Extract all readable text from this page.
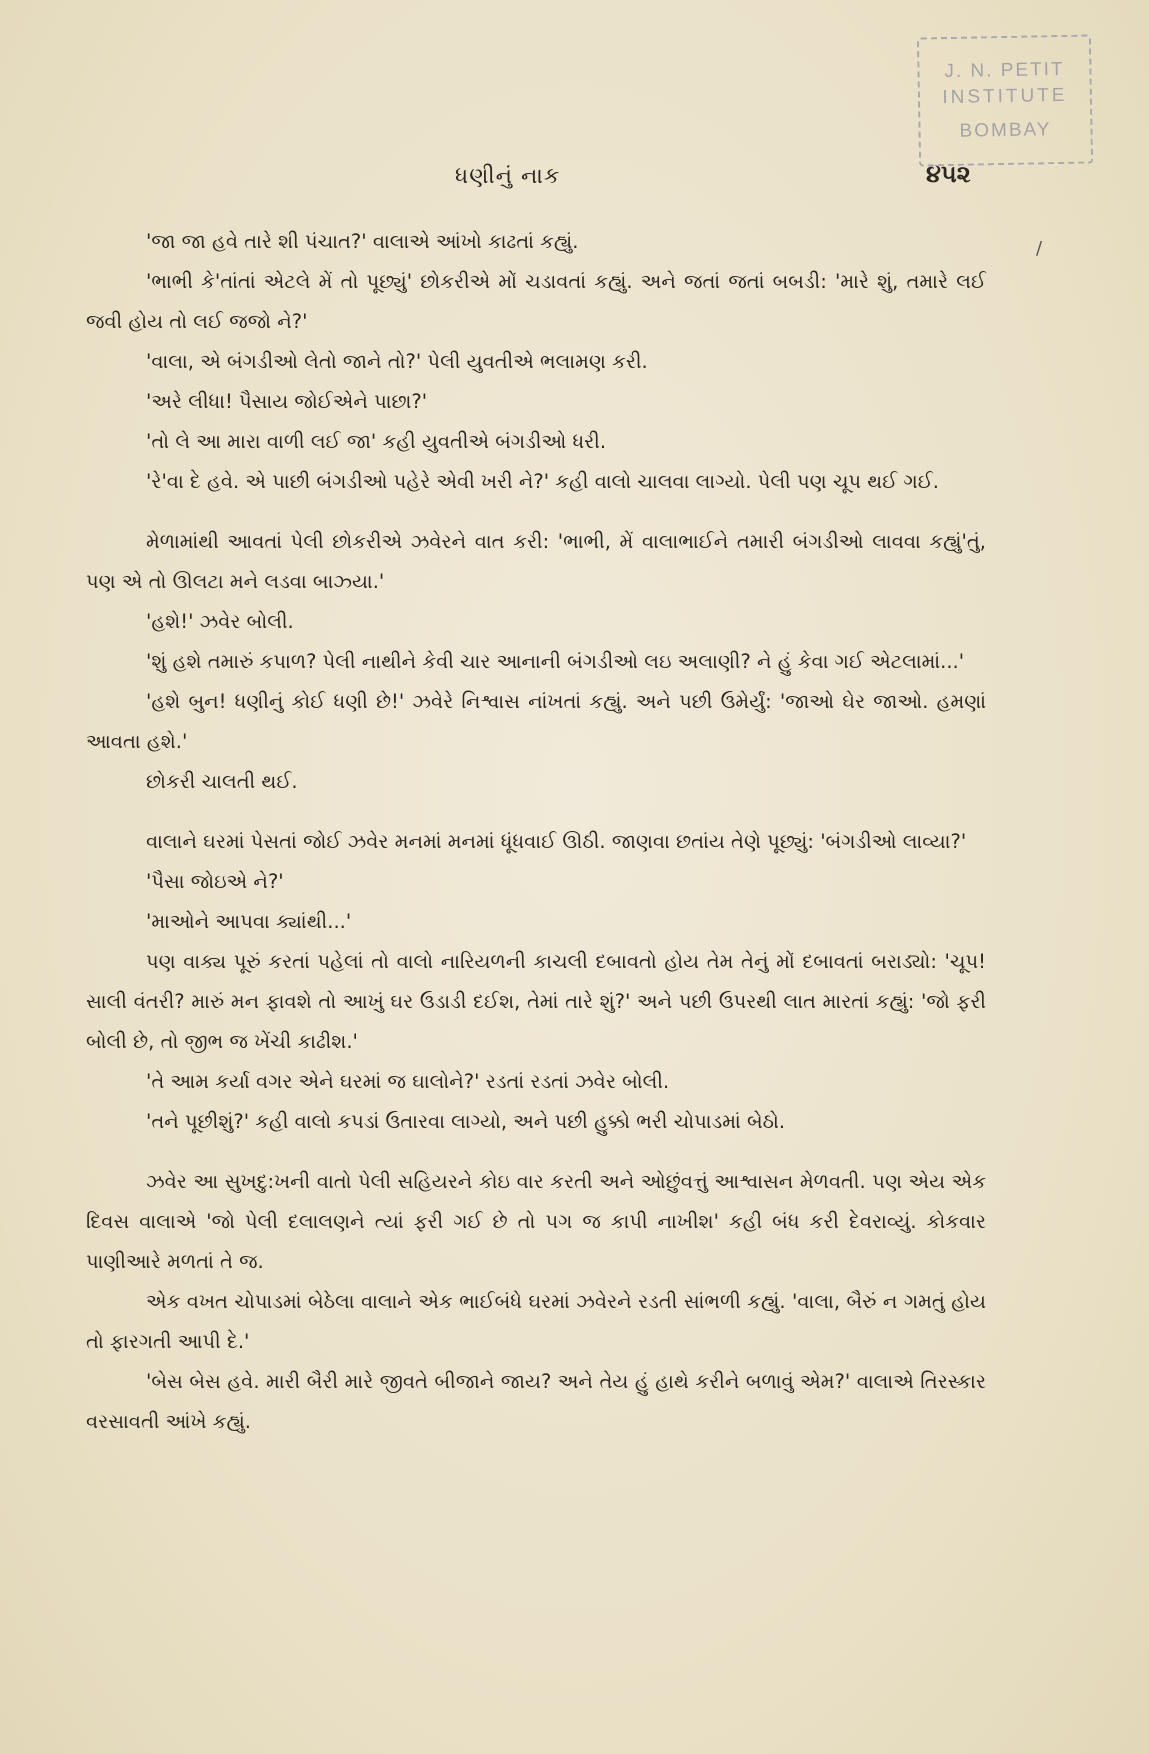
J. N. PETIT
INSTITUTE
BOMBAY
ધણીનું નાક	૪૫૨
/

'જા જા હવે તારે શી પંચાત?' વાલાએ આંખો કાઢતાં કહ્યું.

'ભાભી કે'તાંતાં એટલે મેં તો પૂછ્યું' છોકરીએ મોં ચડાવતાં કહ્યું. અને જતાં જતાં બબડી: 'મારે શું, તમારે લઈ જવી હોય તો લઈ જજો ને?'

'વાલા, એ બંગડીઓ લેતો જાને તો?' પેલી યુવતીએ ભલામણ કરી.

'અરે લીધા! પૈસાય જોઈએને પાછા?'

'તો લે આ મારા વાળી લઈ જા' કહી યુવતીએ બંગડીઓ ધરી.

'રે'વા દે હવે. એ પાછી બંગડીઓ પહેરે એવી ખરી ને?' કહી વાલો ચાલવા લાગ્યો. પેલી પણ ચૂપ થઈ ગઈ.

મેળામાંથી આવતાં પેલી છોકરીએ ઝવેરને વાત કરી: 'ભાભી, મેં વાલાભાઈને તમારી બંગડીઓ લાવવા કહ્યું'તું, પણ એ તો ઊલટા મને લડવા બાઝ્યા.'

'હશે!' ઝવેર બોલી.

'શું હશે તમારું કપાળ? પેલી નાથીને કેવી ચાર આનાની બંગડીઓ લઇ અલાણી? ને હું કેવા ગઈ એટલામાં...'

'હશે બુન! ધણીનું કોઈ ધણી છે!' ઝવેરે નિશ્વાસ નાંખતાં કહ્યું. અને પછી ઉમેર્યું: 'જાઓ ઘેર જાઓ. હમણાં આવતા હશે.'

છોકરી ચાલતી થઈ.

વાલાને ઘરમાં પેસતાં જોઈ ઝવેર મનમાં મનમાં ધૂંધવાઈ ઊઠી. જાણવા છતાંય તેણે પૂછ્યું: 'બંગડીઓ લાવ્યા?'

'પૈસા જોઇએ ને?'

'માઓને આપવા ક્યાંથી...'

પણ વાક્ય પૂરું કરતાં પહેલાં તો વાલો નારિયળની કાચલી દબાવતો હોય તેમ તેનું મોં દબાવતાં બરાડ્યો: 'ચૂપ! સાલી વંતરી? મારું મન ફાવશે તો આખું ઘર ઉડાડી દઈશ, તેમાં તારે શું?' અને પછી ઉપરથી લાત મારતાં કહ્યું: 'જો ફરી બોલી છે, તો જીભ જ ખેંચી કાઢીશ.'

'તે આમ કર્યા વગર એને ઘરમાં જ ઘાલોને?' રડતાં રડતાં ઝવેર બોલી.

'તને પૂછીશું?' કહી વાલો કપડાં ઉતારવા લાગ્યો, અને પછી હુક્કો ભરી ચોપાડમાં બેઠો.

ઝવેર આ સુખદુ:ખની વાતો પેલી સહિયરને કોઇ વાર કરતી અને ઓછુંવત્તું આશ્વાસન મેળવતી. પણ એય એક દિવસ વાલાએ 'જો પેલી દલાલણને ત્યાં ફરી ગઈ છે તો પગ જ કાપી નાખીશ' કહી બંધ કરી દેવરાવ્યું. કોકવાર પાણીઆરે મળતાં તે જ.

એક વખત ચોપાડમાં બેઠેલા વાલાને એક ભાઈબંધે ઘરમાં ઝવેરને રડતી સાંભળી કહ્યું. 'વાલા, બૈરું ન ગમતું હોય તો ફારગતી આપી દે.'

'બેસ બેસ હવે. મારી બૈરી મારે જીવતે બીજાને જાય? અને તેય હું હાથે કરીને બળાવું એમ?' વાલાએ તિરસ્કાર વરસાવતી આંખે કહ્યું.
